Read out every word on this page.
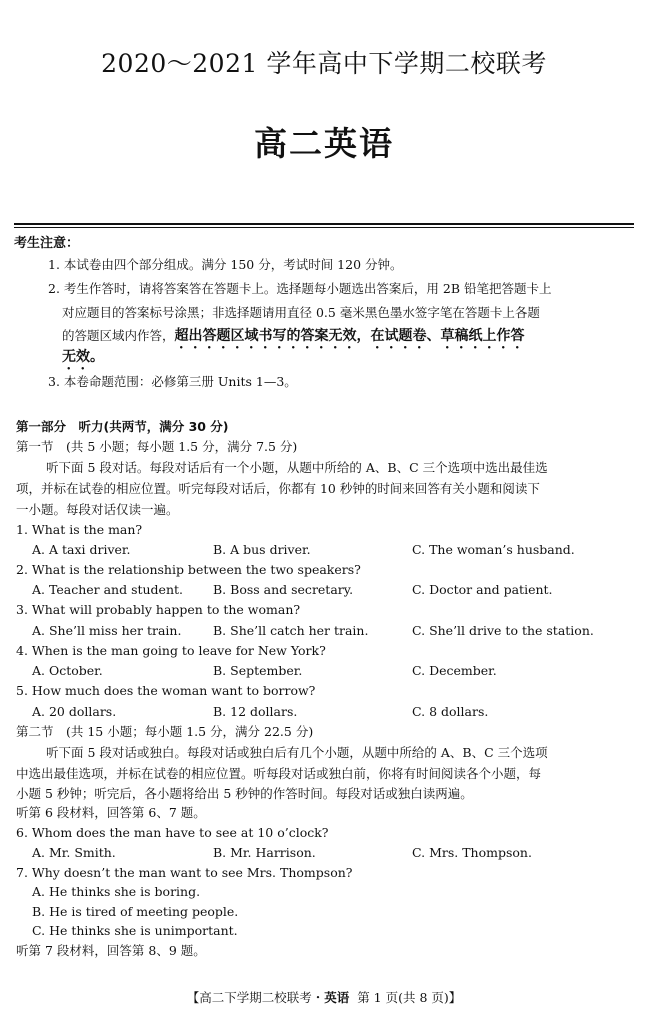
2020～2021 学年高中下学期二校联考
高二英语
考生注意：
1. 本试卷由四个部分组成。满分 150 分，考试时间 120 分钟。
2. 考生作答时，请将答案答在答题卡上。选择题每小题选出答案后，用 2B 铅笔把答题卡上
对应题目的答案标号涂黑；非选择题请用直径 0.5 毫米黑色墨水签字笔在答题卡上各题
的答题区域内作答，超出答题区域书写的答案无效，在试题卷、草稿纸上作答
无效。
3. 本卷命题范围：必修第三册 Units 1—3。
第一部分　听力(共两节，满分 30 分)
第一节　(共 5 小题；每小题 1.5 分，满分 7.5 分)
听下面 5 段对话。每段对话后有一个小题，从题中所给的 A、B、C 三个选项中选出最佳选
项，并标在试卷的相应位置。听完每段对话后，你都有 10 秒钟的时间来回答有关小题和阅读下
一小题。每段对话仅读一遍。
1. What is the man?
A. A taxi driver.	B. A bus driver.	C. The woman’s husband.
2. What is the relationship between the two speakers?
A. Teacher and student. B. Boss and secretary.	C. Doctor and patient.
3. What will probably happen to the woman?
A. She’ll miss her train.	B. She’ll catch her train.	C. She’ll drive to the station.
4. When is the man going to leave for New York?
A. October.	B. September.	C. December.
5. How much does the woman want to borrow?
A. 20 dollars.	B. 12 dollars.	C. 8 dollars.
第二节　(共 15 小题；每小题 1.5 分，满分 22.5 分)
听下面 5 段对话或独白。每段对话或独白后有几个小题，从题中所给的 A、B、C 三个选项
中选出最佳选项，并标在试卷的相应位置。听每段对话或独白前，你将有时间阅读各个小题，每
小题 5 秒钟；听完后，各小题将给出 5 秒钟的作答时间。每段对话或独白读两遍。
听第 6 段材料，回答第 6、7 题。
6. Whom does the man have to see at 10 o’clock?
A. Mr. Smith.	B. Mr. Harrison.	C. Mrs. Thompson.
7. Why doesn’t the man want to see Mrs. Thompson?
A. He thinks she is boring.
B. He is tired of meeting people.
C. He thinks she is unimportant.
听第 7 段材料，回答第 8、9 题。
【高二下学期二校联考・英语 第 1 页(共 8 页)】
